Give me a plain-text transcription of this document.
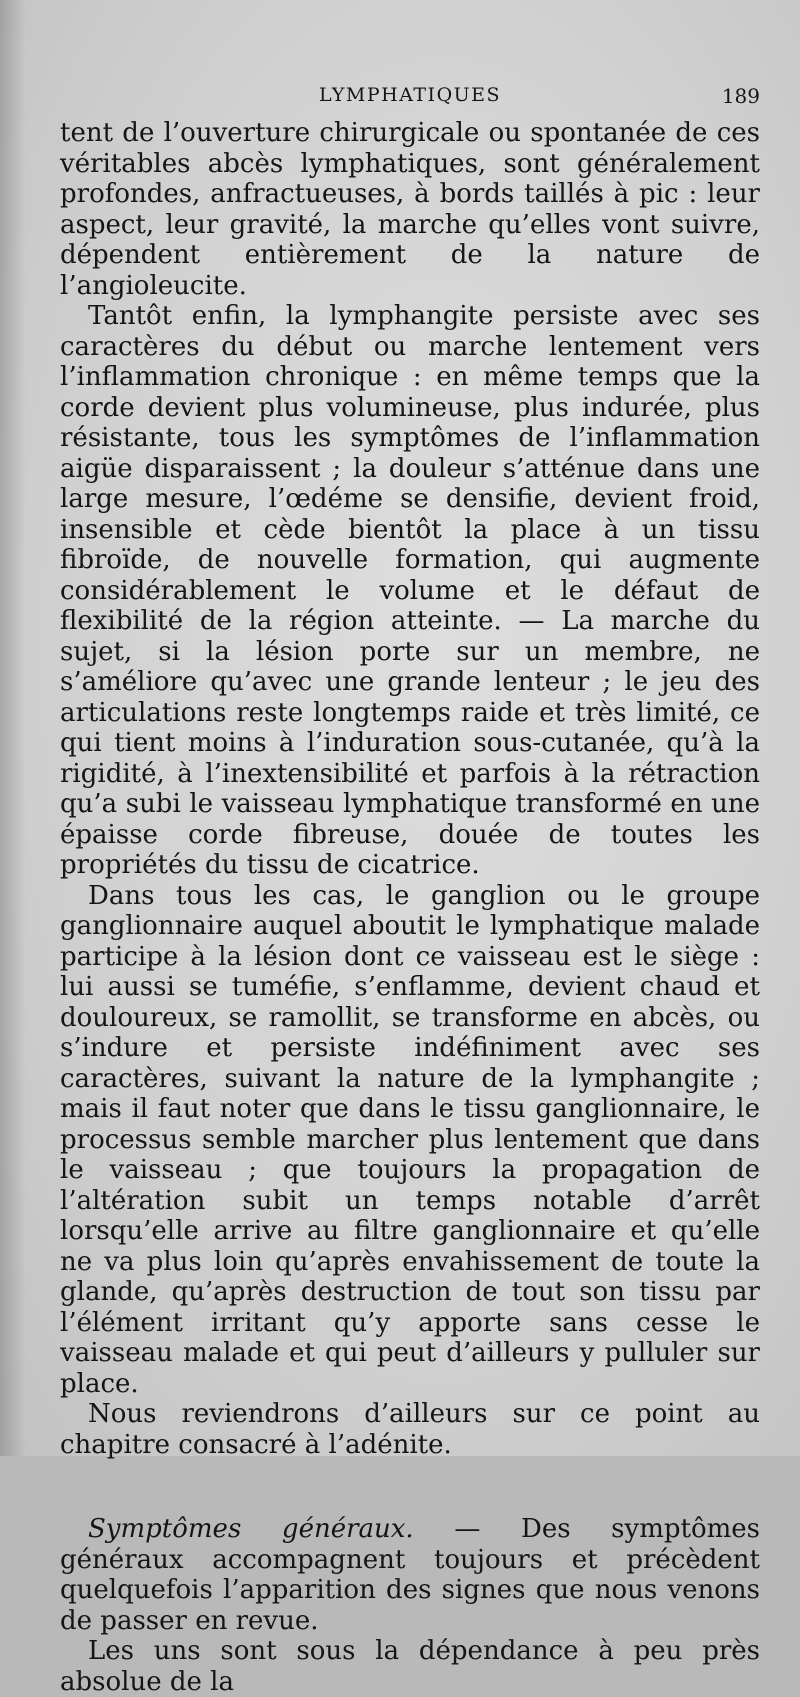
LYMPHATIQUES	189

tent de l’ouverture chirurgicale ou spontanée de ces véritables abcès lymphatiques, sont généralement profondes, anfractueuses, à bords taillés à pic : leur aspect, leur gravité, la marche qu’elles vont suivre, dépendent entièrement de la nature de l’angioleucite.

Tantôt enfin, la lymphangite persiste avec ses caractères du début ou marche lentement vers l’inflammation chronique : en même temps que la corde devient plus volumineuse, plus indurée, plus résistante, tous les symptômes de l’inflammation aigüe disparaissent ; la douleur s’atténue dans une large mesure, l’œdéme se densifie, devient froid, insensible et cède bientôt la place à un tissu fibroïde, de nouvelle formation, qui augmente considérablement le volume et le défaut de flexibilité de la région atteinte. — La marche du sujet, si la lésion porte sur un membre, ne s’améliore qu’avec une grande lenteur ; le jeu des articulations reste longtemps raide et très limité, ce qui tient moins à l’induration sous-cutanée, qu’à la rigidité, à l’inextensibilité et parfois à la rétraction qu’a subi le vaisseau lymphatique transformé en une épaisse corde fibreuse, douée de toutes les propriétés du tissu de cicatrice.

Dans tous les cas, le ganglion ou le groupe ganglionnaire auquel aboutit le lymphatique malade participe à la lésion dont ce vaisseau est le siège : lui aussi se tuméfie, s’enflamme, devient chaud et douloureux, se ramollit, se transforme en abcès, ou s’indure et persiste indéfiniment avec ses caractères, suivant la nature de la lymphangite ; mais il faut noter que dans le tissu ganglionnaire, le processus semble marcher plus lentement que dans le vaisseau ; que toujours la propagation de l’altération subit un temps notable d’arrêt lorsqu’elle arrive au filtre ganglionnaire et qu’elle ne va plus loin qu’après envahissement de toute la glande, qu’après destruction de tout son tissu par l’élément irritant qu’y apporte sans cesse le vaisseau malade et qui peut d’ailleurs y pulluler sur place.

Nous reviendrons d’ailleurs sur ce point au chapitre consacré à l’adénite.

Symptômes généraux. — Des symptômes généraux accompagnent toujours et précèdent quelquefois l’apparition des signes que nous venons de passer en revue.

Les uns sont sous la dépendance à peu près absolue de la
